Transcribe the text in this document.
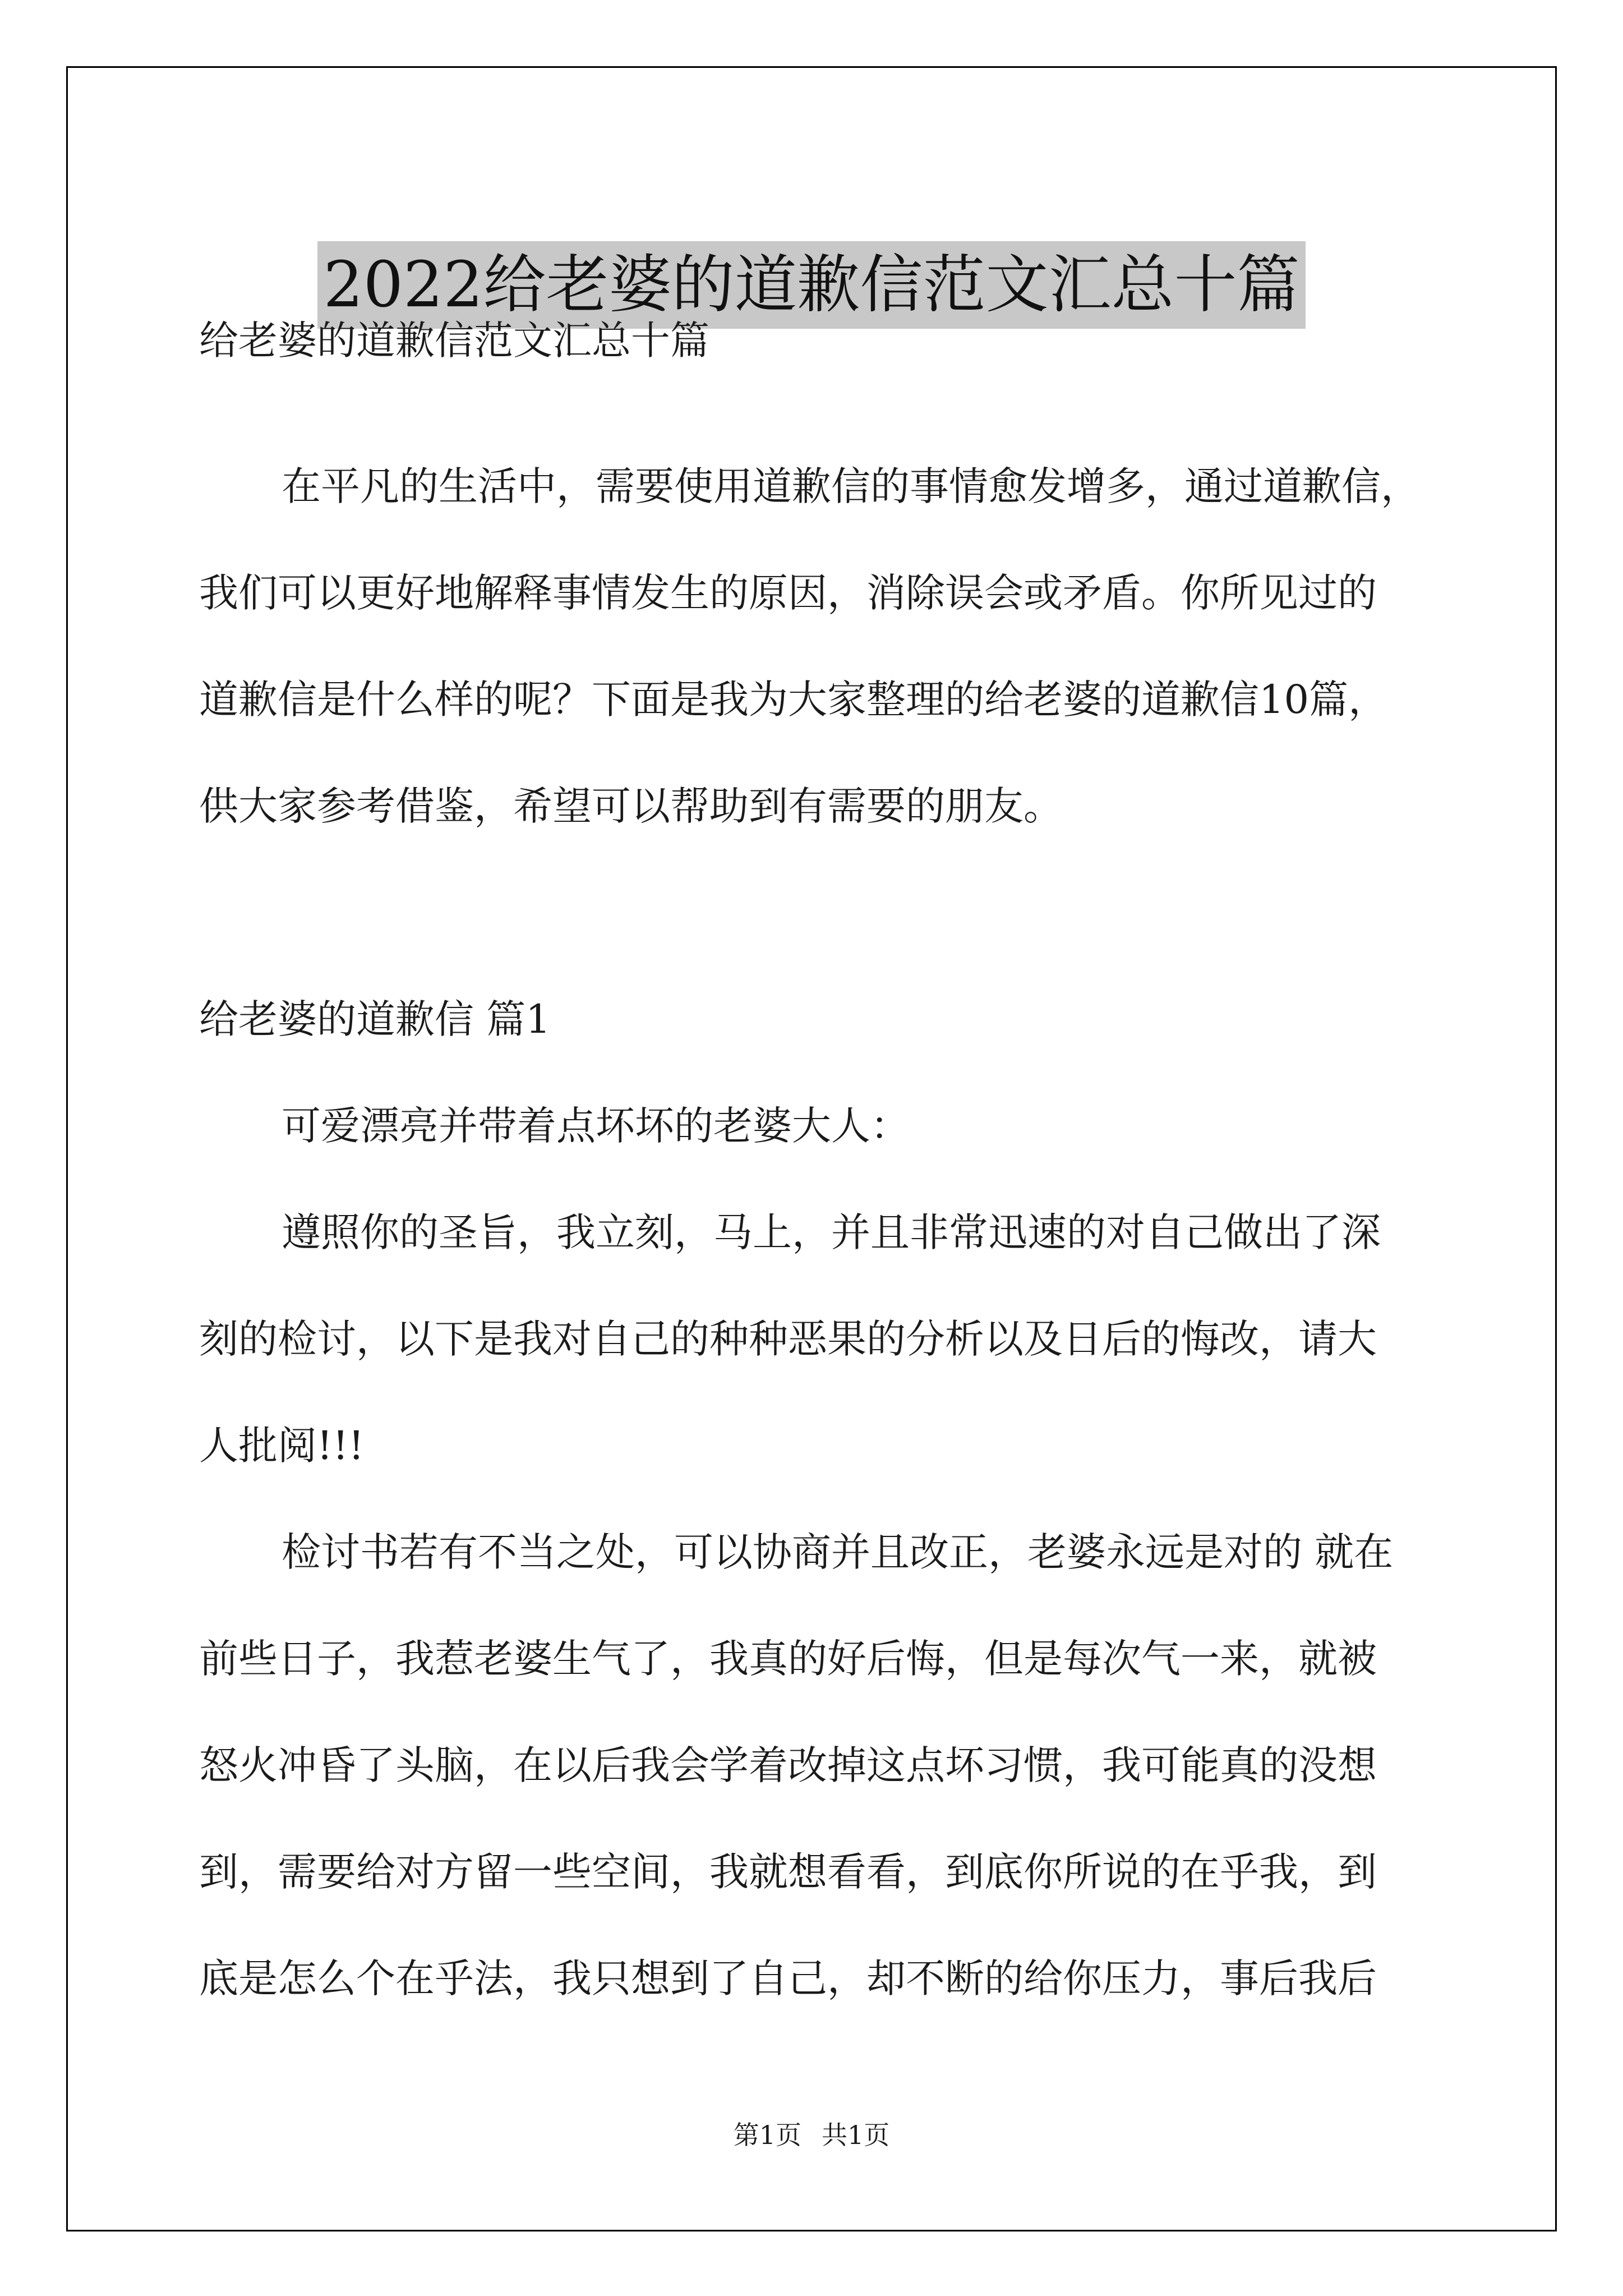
2022给老婆的道歉信范文汇总十篇
给老婆的道歉信范文汇总十篇
在平凡的生活中，需要使用道歉信的事情愈发增多，通过道歉信，
我们可以更好地解释事情发生的原因，消除误会或矛盾。你所见过的
道歉信是什么样的呢？下面是我为大家整理的给老婆的道歉信10篇，
供大家参考借鉴，希望可以帮助到有需要的朋友。
给老婆的道歉信 篇1
可爱漂亮并带着点坏坏的老婆大人：
遵照你的圣旨，我立刻，马上，并且非常迅速的对自己做出了深
刻的检讨，以下是我对自己的种种恶果的分析以及日后的悔改，请大
人批阅!!!
检讨书若有不当之处，可以协商并且改正，老婆永远是对的 就在
前些日子，我惹老婆生气了，我真的好后悔，但是每次气一来，就被
怒火冲昏了头脑，在以后我会学着改掉这点坏习惯，我可能真的没想
到，需要给对方留一些空间，我就想看看，到底你所说的在乎我，到
底是怎么个在乎法，我只想到了自己，却不断的给你压力，事后我后
第1页 共1页
